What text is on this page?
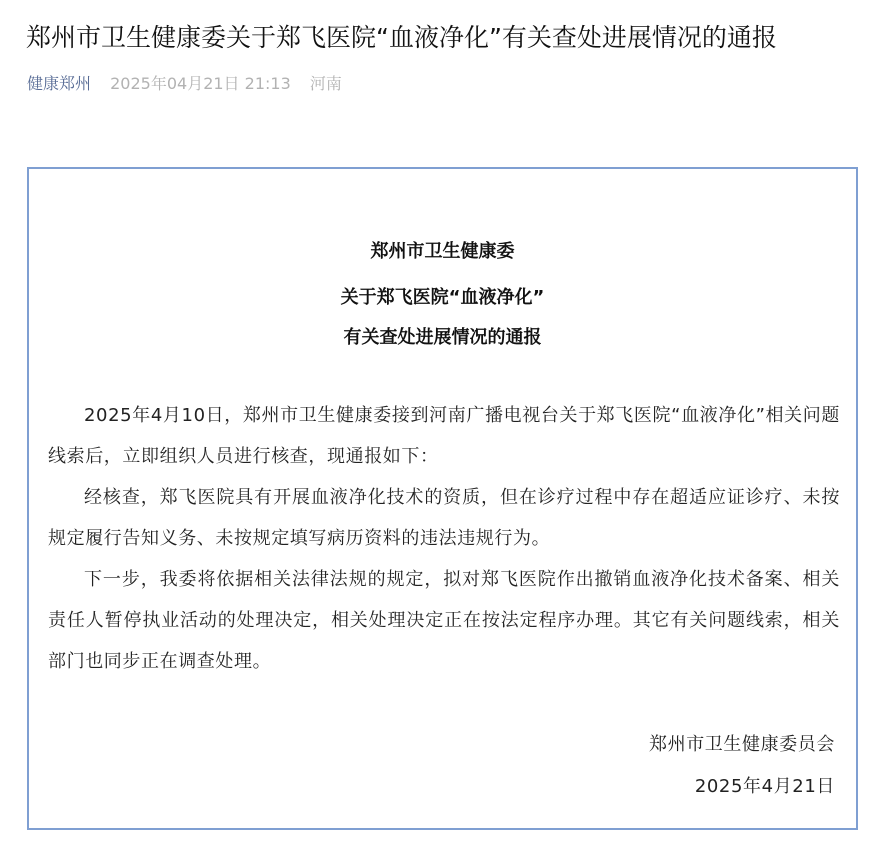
郑州市卫生健康委关于郑飞医院“血液净化”有关查处进展情况的通报
健康郑州 2025年04月21日 21:13 河南
郑州市卫生健康委
关于郑飞医院“血液净化”
有关查处进展情况的通报

2025年4月10日，郑州市卫生健康委接到河南广播电视台关于郑飞医院“血液净化”相关问题线索后，立即组织人员进行核查，现通报如下：

经核查，郑飞医院具有开展血液净化技术的资质，但在诊疗过程中存在超适应证诊疗、未按规定履行告知义务、未按规定填写病历资料的违法违规行为。

下一步，我委将依据相关法律法规的规定，拟对郑飞医院作出撤销血液净化技术备案、相关责任人暂停执业活动的处理决定，相关处理决定正在按法定程序办理。其它有关问题线索，相关部门也同步正在调查处理。

郑州市卫生健康委员会
2025年4月21日
